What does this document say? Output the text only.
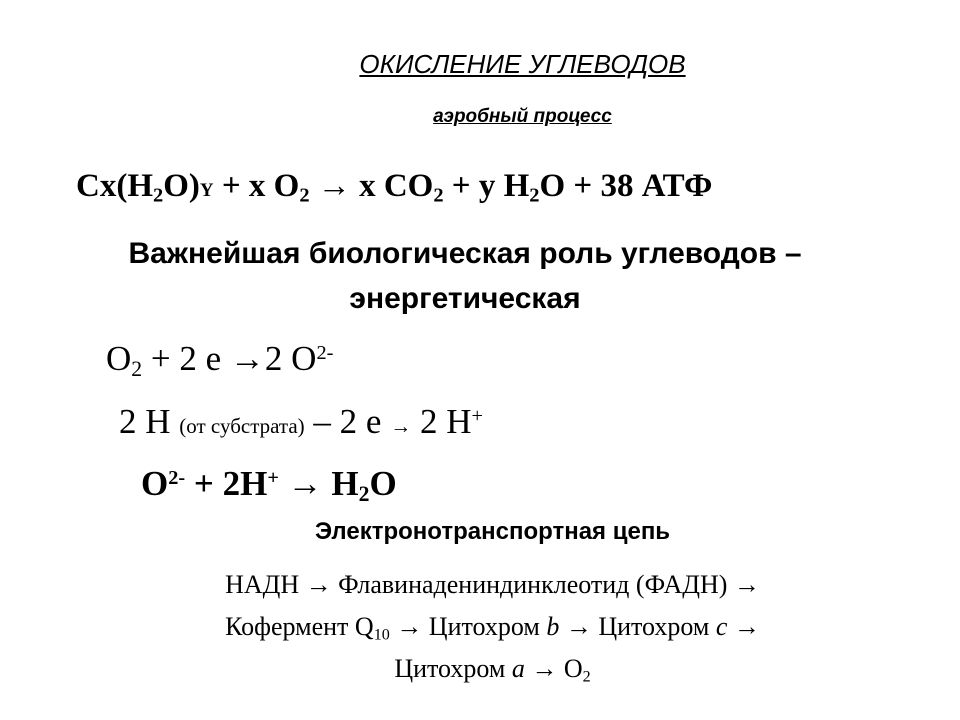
ОКИСЛЕНИЕ УГЛЕВОДОВ
аэробный процесс
$Сх(Н_2О)Y + х$ $О_2 \to х$ $СО_2 + у$ $Н_2О + 38$ АТФ
Важнейшая биологическая роль углеводов –
энергетическая
$О_2 + 2$ е →2 $О^{2-}$
2 Н (от субстрата) – 2 е → 2 Н+
$О^{2-} + 2Н^+ \to Н_2О$
Электронотранспортная цепь
НАДН → Флавинадениндинклеотид (ФАДН) →
Кофермент $Q_{10}$ → Цитохром b → Цитохром c →
Цитохром $a \to О_2$
